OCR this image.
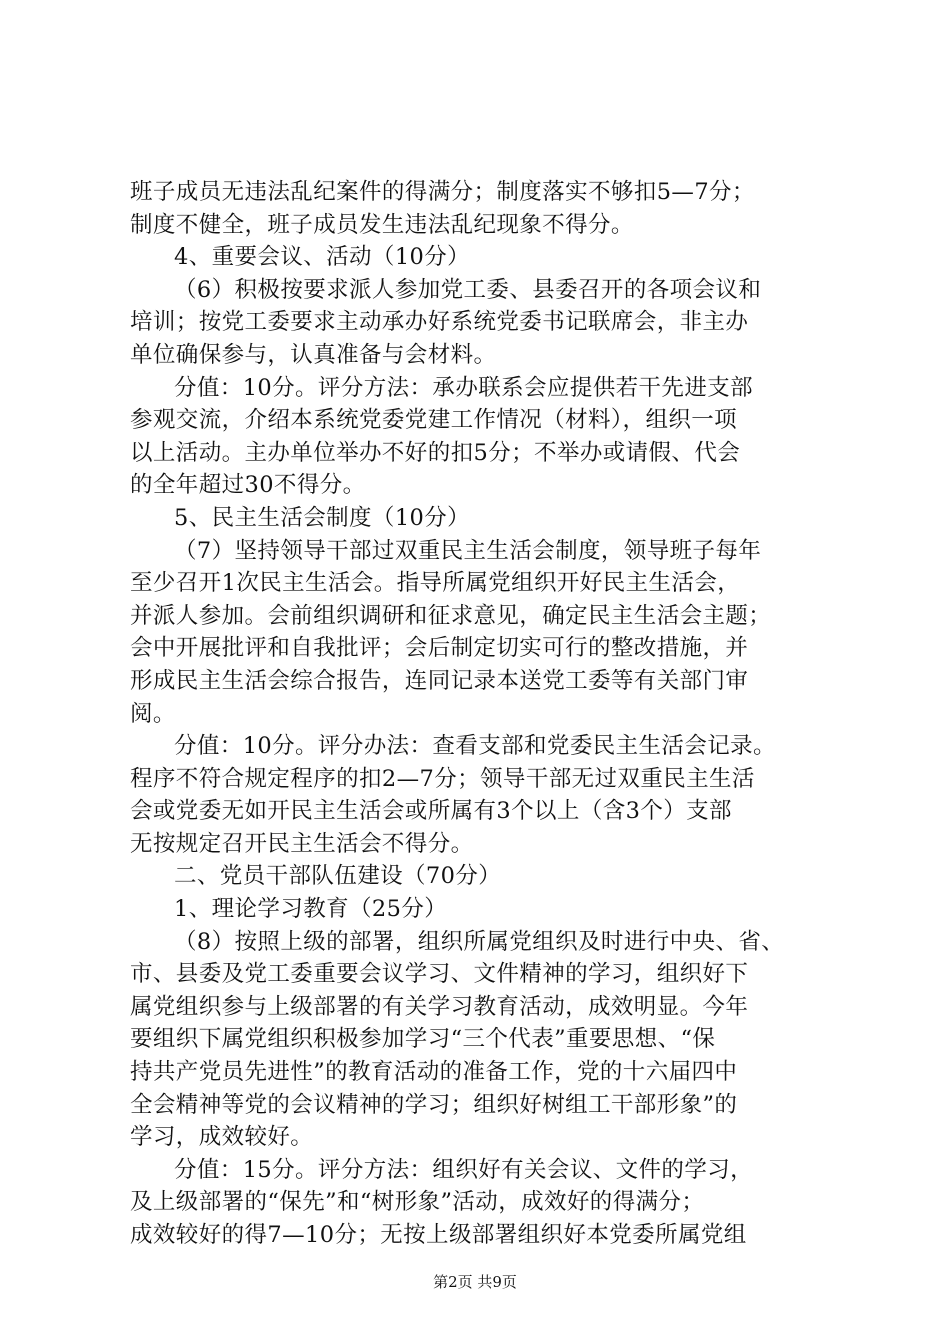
班子成员无违法乱纪案件的得满分；制度落实不够扣5—7分；
制度不健全，班子成员发生违法乱纪现象不得分。
4、重要会议、活动（10分）
（6）积极按要求派人参加党工委、县委召开的各项会议和
培训；按党工委要求主动承办好系统党委书记联席会，非主办
单位确保参与，认真准备与会材料。
分值：10分。评分方法：承办联系会应提供若干先进支部
参观交流，介绍本系统党委党建工作情况（材料），组织一项
以上活动。主办单位举办不好的扣5分；不举办或请假、代会
的全年超过30不得分。
5、民主生活会制度（10分）
（7）坚持领导干部过双重民主生活会制度，领导班子每年
至少召开1次民主生活会。指导所属党组织开好民主生活会，
并派人参加。会前组织调研和征求意见，确定民主生活会主题；
会中开展批评和自我批评；会后制定切实可行的整改措施，并
形成民主生活会综合报告，连同记录本送党工委等有关部门审
阅。
分值：10分。评分办法：查看支部和党委民主生活会记录。
程序不符合规定程序的扣2—7分；领导干部无过双重民主生活
会或党委无如开民主生活会或所属有3个以上（含3个）支部
无按规定召开民主生活会不得分。
二、党员干部队伍建设（70分）
1、理论学习教育（25分）
（8）按照上级的部署，组织所属党组织及时进行中央、省、
市、县委及党工委重要会议学习、文件精神的学习，组织好下
属党组织参与上级部署的有关学习教育活动，成效明显。今年
要组织下属党组织积极参加学习“三个代表”重要思想、“保
持共产党员先进性”的教育活动的准备工作，党的十六届四中
全会精神等党的会议精神的学习；组织好树组工干部形象”的
学习，成效较好。
分值：15分。评分方法：组织好有关会议、文件的学习，
及上级部署的“保先”和“树形象”活动，成效好的得满分；
成效较好的得7—10分；无按上级部署组织好本党委所属党组
第2页 共9页
